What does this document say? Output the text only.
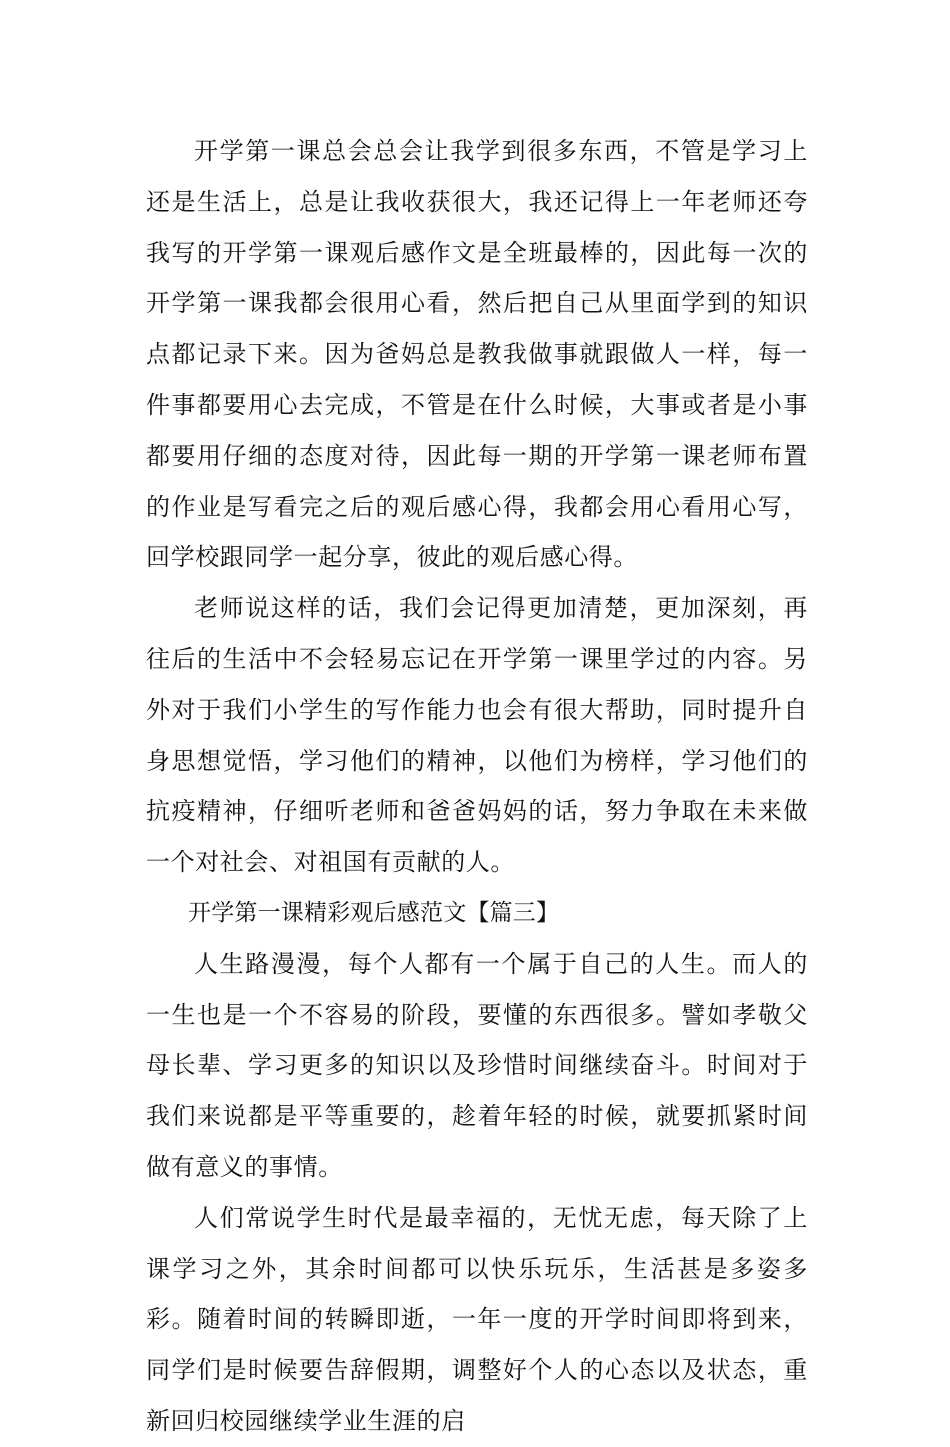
开学第一课总会总会让我学到很多东西，不管是学习上还是生活上，总是让我收获很大，我还记得上一年老师还夸我写的开学第一课观后感作文是全班最棒的，因此每一次的开学第一课我都会很用心看，然后把自己从里面学到的知识点都记录下来。因为爸妈总是教我做事就跟做人一样，每一件事都要用心去完成，不管是在什么时候，大事或者是小事都要用仔细的态度对待，因此每一期的开学第一课老师布置的作业是写看完之后的观后感心得，我都会用心看用心写，回学校跟同学一起分享，彼此的观后感心得。

老师说这样的话，我们会记得更加清楚，更加深刻，再往后的生活中不会轻易忘记在开学第一课里学过的内容。另外对于我们小学生的写作能力也会有很大帮助，同时提升自身思想觉悟，学习他们的精神，以他们为榜样，学习他们的抗疫精神，仔细听老师和爸爸妈妈的话，努力争取在未来做一个对社会、对祖国有贡献的人。

开学第一课精彩观后感范文【篇三】

人生路漫漫，每个人都有一个属于自己的人生。而人的一生也是一个不容易的阶段，要懂的东西很多。譬如孝敬父母长辈、学习更多的知识以及珍惜时间继续奋斗。时间对于我们来说都是平等重要的，趁着年轻的时候，就要抓紧时间做有意义的事情。

人们常说学生时代是最幸福的，无忧无虑，每天除了上课学习之外，其余时间都可以快乐玩乐，生活甚是多姿多彩。随着时间的转瞬即逝，一年一度的开学时间即将到来，同学们是时候要告辞假期，调整好个人的心态以及状态，重新回归校园继续学业生涯的启
